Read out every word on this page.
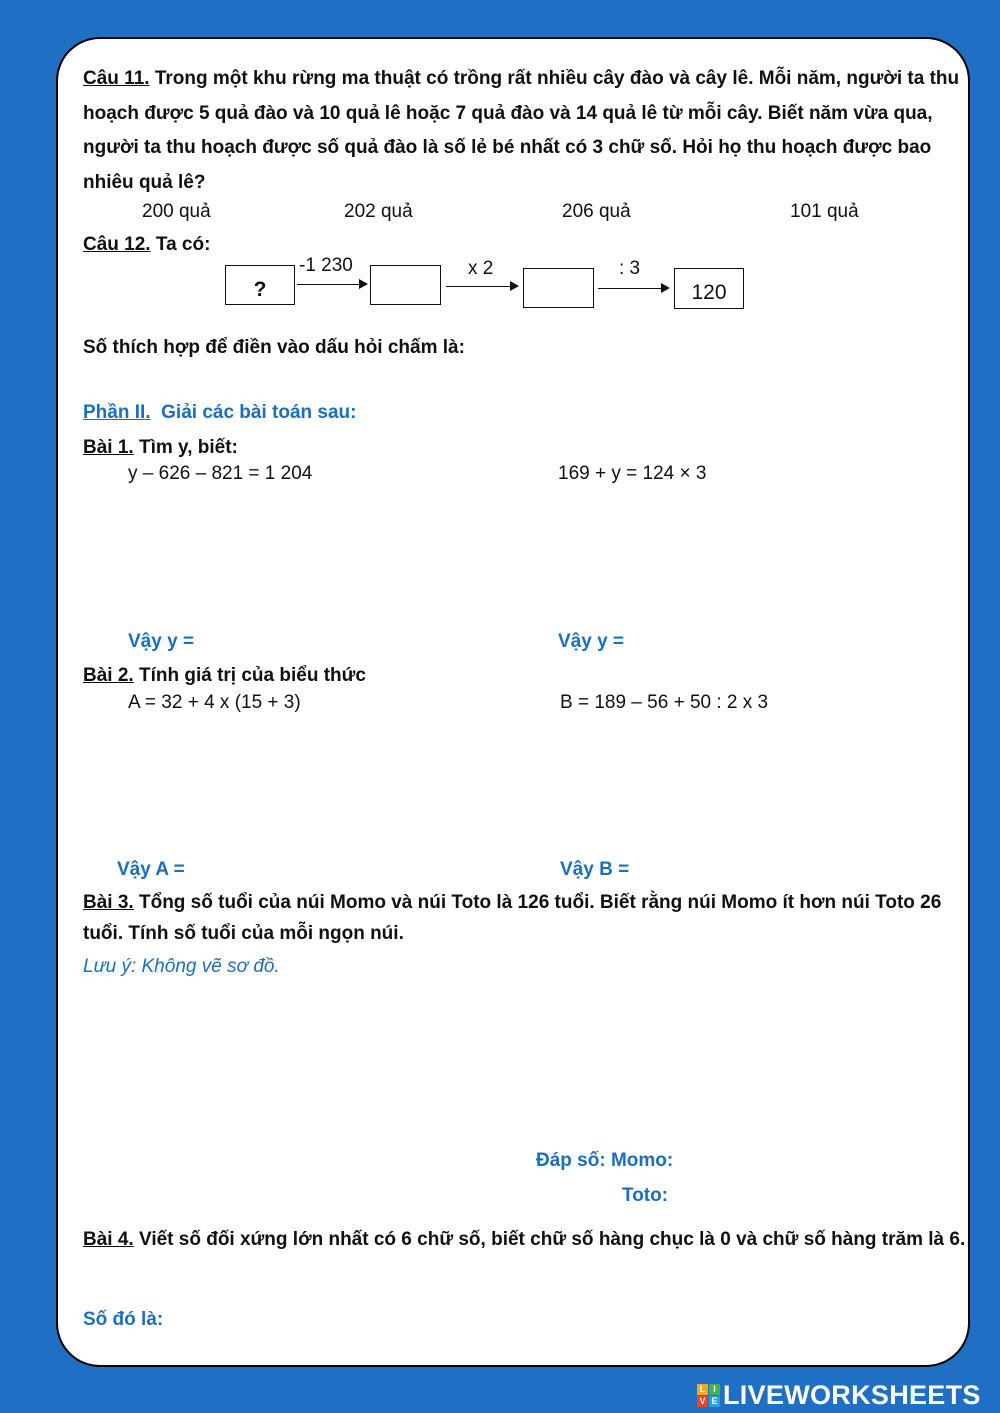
Câu 11. Trong một khu rừng ma thuật có trồng rất nhiều cây đào và cây lê. Mỗi năm, người ta thu hoạch được 5 quả đào và 10 quả lê hoặc 7 quả đào và 14 quả lê từ mỗi cây. Biết năm vừa qua, người ta thu hoạch được số quả đào là số lẻ bé nhất có 3 chữ số. Hỏi họ thu hoạch được bao nhiêu quả lê?
200 quả	202 quả	206 quả	101 quả
Câu 12. Ta có:
?
-1 230	x 2	: 3
120
Số thích hợp để điền vào dấu hỏi chấm là:
Phần II. Giải các bài toán sau:
Bài 1. Tìm y, biết:
y – 626 – 821 = 1 204	169 + y = 124 × 3
Vậy y =	Vậy y =
Bài 2. Tính giá trị của biểu thức
A = 32 + 4 x (15 + 3)	B = 189 – 56 + 50 : 2 x 3
Vậy A =	Vậy B =
Bài 3. Tổng số tuổi của núi Momo và núi Toto là 126 tuổi. Biết rằng núi Momo ít hơn núi Toto 26 tuổi. Tính số tuổi của mỗi ngọn núi.
Lưu ý: Không vẽ sơ đồ.
Đáp số: Momo:
Toto:
Bài 4. Viết số đối xứng lớn nhất có 6 chữ số, biết chữ số hàng chục là 0 và chữ số hàng trăm là 6.
Số đó là:
L I
V E LIVEWORKSHEETS
